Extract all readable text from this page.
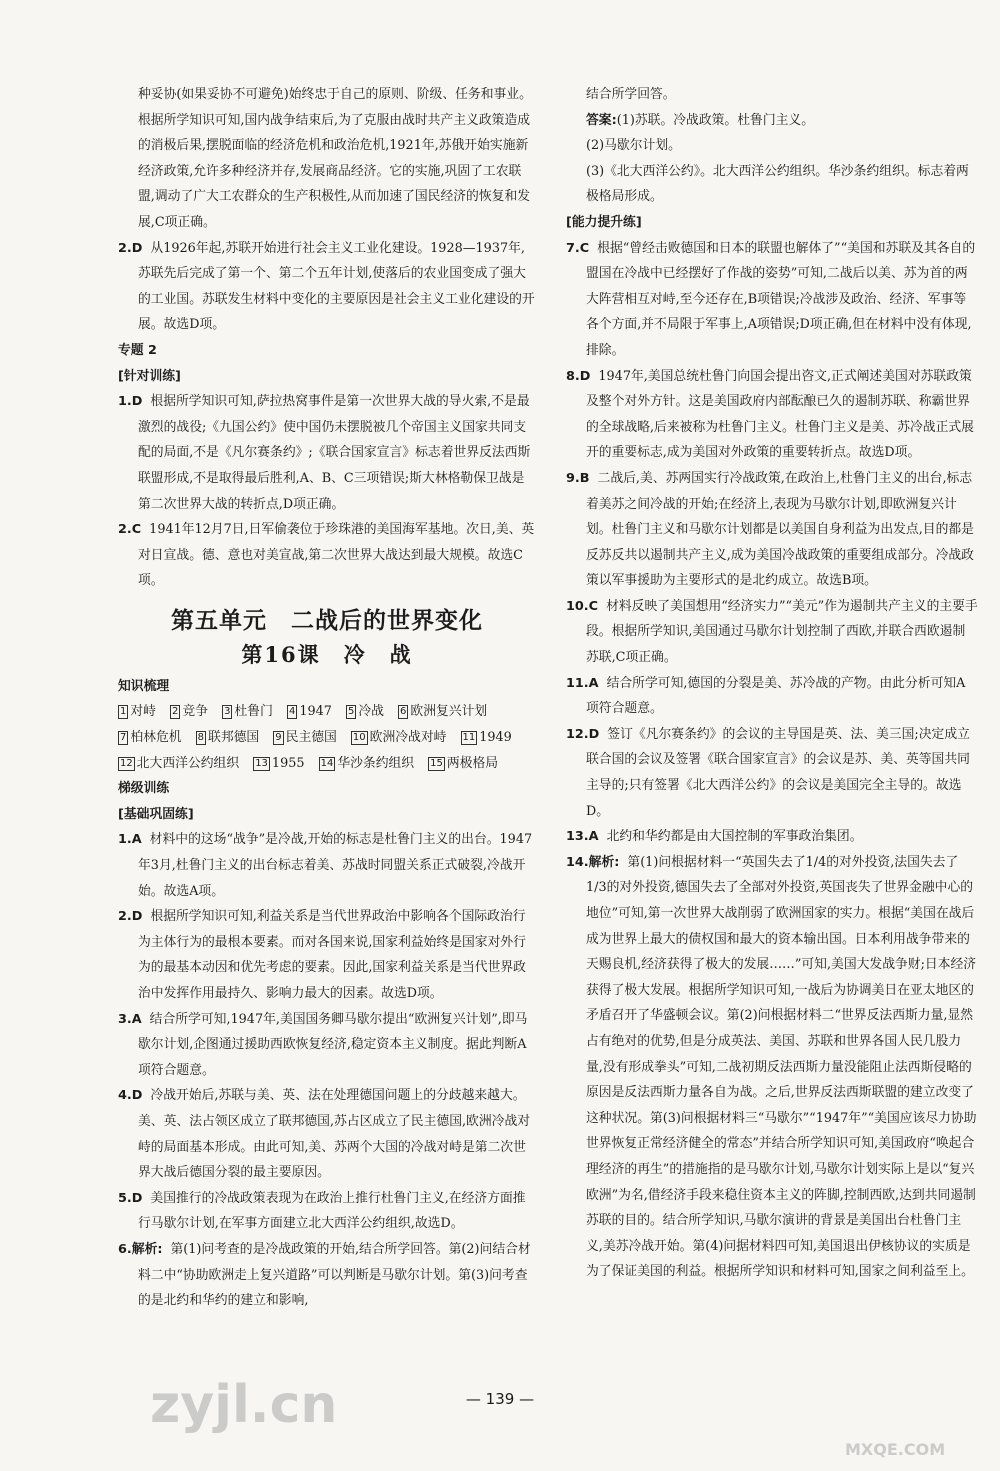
种妥协(如果妥协不可避免)始终忠于自己的原则、阶级、任务和事业。根据所学知识可知,国内战争结束后,为了克服由战时共产主义政策造成的消极后果,摆脱面临的经济危机和政治危机,1921年,苏俄开始实施新经济政策,允许多种经济并存,发展商品经济。它的实施,巩固了工农联盟,调动了广大工农群众的生产积极性,从而加速了国民经济的恢复和发展,C项正确。

2.D 从1926年起,苏联开始进行社会主义工业化建设。1928—1937年,苏联先后完成了第一个、第二个五年计划,使落后的农业国变成了强大的工业国。苏联发生材料中变化的主要原因是社会主义工业化建设的开展。故选D项。

专题 2
[针对训练]

1.D 根据所学知识可知,萨拉热窝事件是第一次世界大战的导火索,不是最激烈的战役;《九国公约》使中国仍未摆脱被几个帝国主义国家共同支配的局面,不是《凡尔赛条约》;《联合国家宣言》标志着世界反法西斯联盟形成,不是取得最后胜利,A、B、C三项错误;斯大林格勒保卫战是第二次世界大战的转折点,D项正确。

2.C 1941年12月7日,日军偷袭位于珍珠港的美国海军基地。次日,美、英对日宣战。德、意也对美宣战,第二次世界大战达到最大规模。故选C项。

第五单元　二战后的世界变化
第16课　冷　战
知识梳理
1 对峙 2 竞争 3 杜鲁门 4 1947 5 冷战 6 欧洲复兴计划 7 柏林危机 8 联邦德国 9 民主德国 10 欧洲冷战对峙 11 1949 12 北大西洋公约组织 13 1955 14 华沙条约组织 15 两极格局
梯级训练
[基础巩固练]

1.A 材料中的这场“战争”是冷战,开始的标志是杜鲁门主义的出台。1947年3月,杜鲁门主义的出台标志着美、苏战时同盟关系正式破裂,冷战开始。故选A项。

2.D 根据所学知识可知,利益关系是当代世界政治中影响各个国际政治行为主体行为的最根本要素。而对各国来说,国家利益始终是国家对外行为的最基本动因和优先考虑的要素。因此,国家利益关系是当代世界政治中发挥作用最持久、影响力最大的因素。故选D项。

3.A 结合所学可知,1947年,美国国务卿马歇尔提出“欧洲复兴计划”,即马歇尔计划,企图通过援助西欧恢复经济,稳定资本主义制度。据此判断A项符合题意。

4.D 冷战开始后,苏联与美、英、法在处理德国问题上的分歧越来越大。美、英、法占领区成立了联邦德国,苏占区成立了民主德国,欧洲冷战对峙的局面基本形成。由此可知,美、苏两个大国的冷战对峙是第二次世界大战后德国分裂的最主要原因。

5.D 美国推行的冷战政策表现为在政治上推行杜鲁门主义,在经济方面推行马歇尔计划,在军事方面建立北大西洋公约组织,故选D。

6.解析: 第(1)问考查的是冷战政策的开始,结合所学回答。第(2)问结合材料二中“协助欧洲走上复兴道路”可以判断是马歇尔计划。第(3)问考查的是北约和华约的建立和影响,

结合所学回答。

答案:(1)苏联。冷战政策。杜鲁门主义。

(2)马歇尔计划。

(3)《北大西洋公约》。北大西洋公约组织。华沙条约组织。标志着两极格局形成。

[能力提升练]

7.C 根据“曾经击败德国和日本的联盟也解体了”“美国和苏联及其各自的盟国在冷战中已经摆好了作战的姿势”可知,二战后以美、苏为首的两大阵营相互对峙,至今还存在,B项错误;冷战涉及政治、经济、军事等各个方面,并不局限于军事上,A项错误;D项正确,但在材料中没有体现,排除。

8.D 1947年,美国总统杜鲁门向国会提出咨文,正式阐述美国对苏联政策及整个对外方针。这是美国政府内部酝酿已久的遏制苏联、称霸世界的全球战略,后来被称为杜鲁门主义。杜鲁门主义是美、苏冷战正式展开的重要标志,成为美国对外政策的重要转折点。故选D项。

9.B 二战后,美、苏两国实行冷战政策,在政治上,杜鲁门主义的出台,标志着美苏之间冷战的开始;在经济上,表现为马歇尔计划,即欧洲复兴计划。杜鲁门主义和马歇尔计划都是以美国自身利益为出发点,目的都是反苏反共以遏制共产主义,成为美国冷战政策的重要组成部分。冷战政策以军事援助为主要形式的是北约成立。故选B项。

10.C 材料反映了美国想用“经济实力”“美元”作为遏制共产主义的主要手段。根据所学知识,美国通过马歇尔计划控制了西欧,并联合西欧遏制苏联,C项正确。

11.A 结合所学可知,德国的分裂是美、苏冷战的产物。由此分析可知A项符合题意。

12.D 签订《凡尔赛条约》的会议的主导国是英、法、美三国;决定成立联合国的会议及签署《联合国家宣言》的会议是苏、美、英等国共同主导的;只有签署《北大西洋公约》的会议是美国完全主导的。故选D。

13.A 北约和华约都是由大国控制的军事政治集团。

14.解析: 第(1)问根据材料一“英国失去了1/4的对外投资,法国失去了1/3的对外投资,德国失去了全部对外投资,英国丧失了世界金融中心的地位”可知,第一次世界大战削弱了欧洲国家的实力。根据“美国在战后成为世界上最大的债权国和最大的资本输出国。日本利用战争带来的天赐良机,经济获得了极大的发展……”可知,美国大发战争财;日本经济获得了极大发展。根据所学知识可知,一战后为协调美日在亚太地区的矛盾召开了华盛顿会议。第(2)问根据材料二“世界反法西斯力量,显然占有绝对的优势,但是分成英法、美国、苏联和世界各国人民几股力量,没有形成拳头”可知,二战初期反法西斯力量没能阻止法西斯侵略的原因是反法西斯力量各自为战。之后,世界反法西斯联盟的建立改变了这种状况。第(3)问根据材料三“马歇尔”“1947年”“美国应该尽力协助世界恢复正常经济健全的常态”并结合所学知识可知,美国政府“唤起合理经济的再生”的措施指的是马歇尔计划,马歇尔计划实际上是以“复兴欧洲”为名,借经济手段来稳住资本主义的阵脚,控制西欧,达到共同遏制苏联的目的。结合所学知识,马歇尔演讲的背景是美国出台杜鲁门主义,美苏冷战开始。第(4)问据材料四可知,美国退出伊核协议的实质是为了保证美国的利益。根据所学知识和材料可知,国家之间利益至上。

— 139 —
zyjl.cn
MXQE.COM
